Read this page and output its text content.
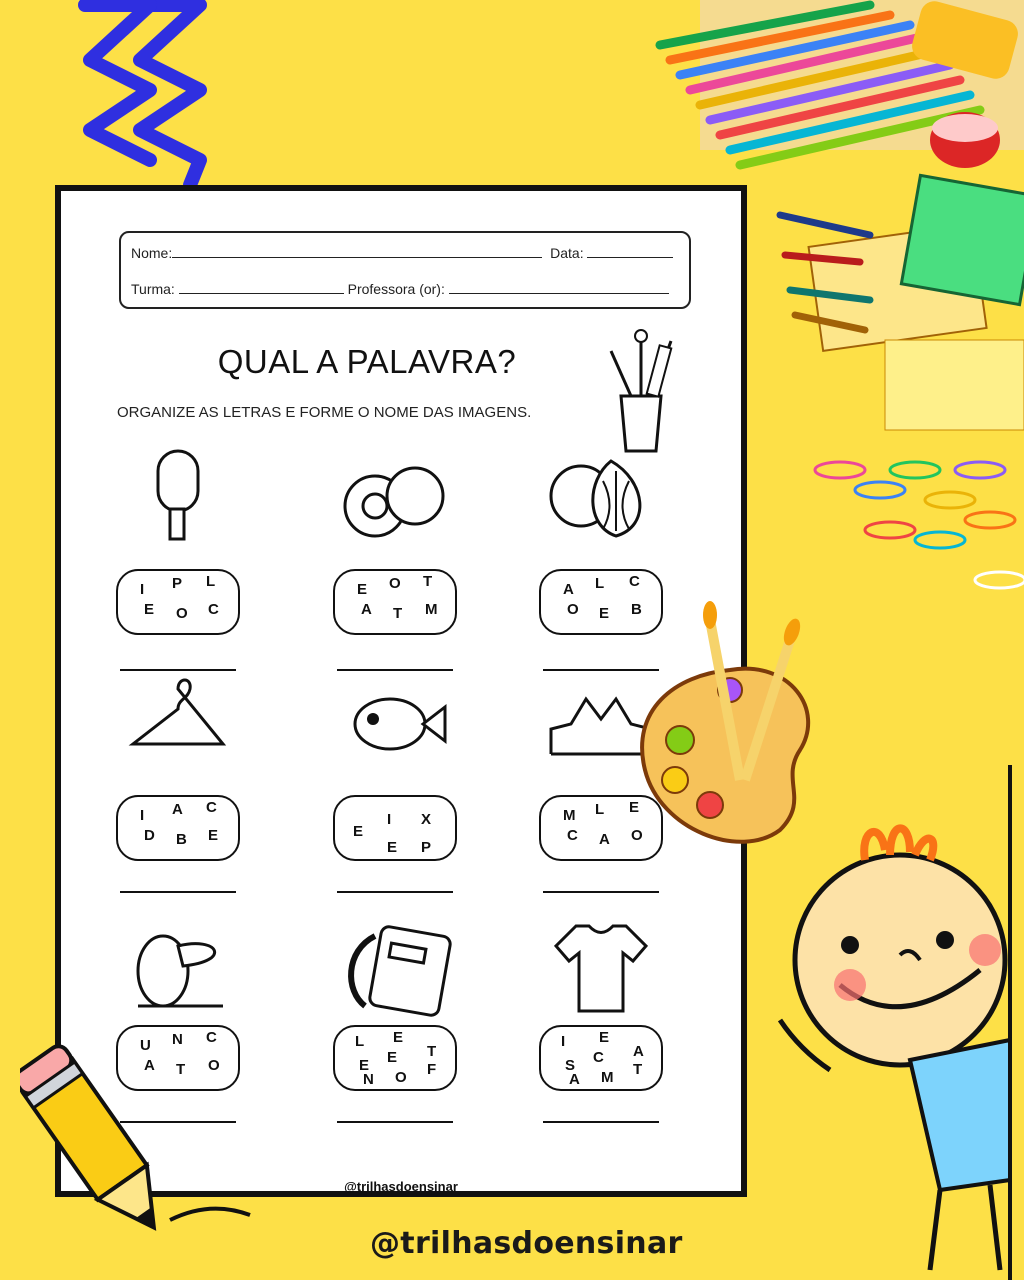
Nome:	Data:
Turma:	Professora (or):
QUAL A PALAVRA?
ORGANIZE AS LETRAS E FORME O NOME DAS IMAGENS.
I P L
E O C
E O T
A T M
A L C
O E B
I A C
D B E	E
I X
E P
M L E
C A O
U N C
A T O
L E
T
E E
N O F
I E
A
S C
A M T
@trilhasdoensinar
@trilhasdoensinar
